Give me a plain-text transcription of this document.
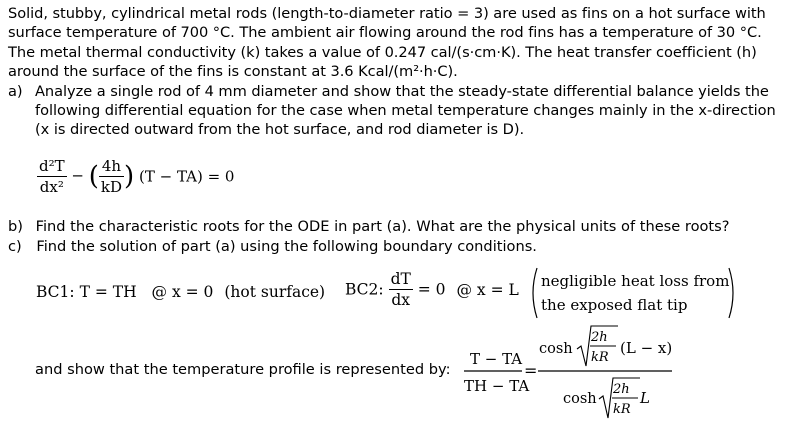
Solid, stubby, cylindrical metal rods (length-to-diameter ratio = 3) are used as fins on a hot surface with surface temperature of 700 °C. The ambient air flowing around the rod fins has a temperature of 30 °C. The metal thermal conductivity (k) takes a value of 0.247 cal/(s·cm·K). The heat transfer coefficient (h) around the surface of the fins is constant at 3.6 Kcal/(m²·h·C).

a) Analyze a single rod of 4 mm diameter and show that the steady-state differential balance yields the following differential equation for the case when metal temperature changes mainly in the x-direction (x is directed outward from the hot surface, and rod diameter is D).

$\frac{\text{d²T}}{\text{dx²}}$ − ( $\frac{4h}{kD}$ ) (T − TA) = 0
b) Find the characteristic roots for the ODE in part (a). What are the physical units of these roots?
c) Find the solution of part (a) using the following boundary conditions.
BC1: T = TH @ x = 0 (hot surface) BC2: $\frac{dT}{dx} = 0$ @ x = L negligible heat loss from
the exposed flat tip
and show that the temperature profile is represented by:
T − TA
TH − TA
=
cosh
2h
kR
(L − x)
cosh
2h
kR
L
